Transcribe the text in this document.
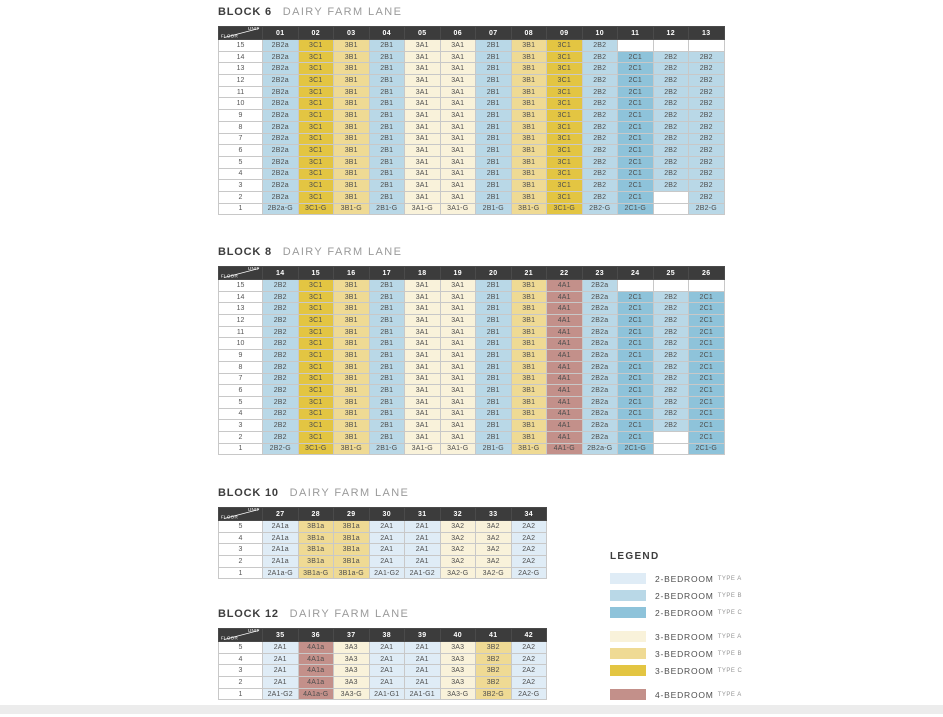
BLOCK 6 DAIRY FARM LANE
UNIT
FLOOR	01	02	03	04	05	06	07	08	09	10	11	12	13
15	2B2a	3C1	3B1	2B1	3A1	3A1	2B1	3B1	3C1	2B2			
14	2B2a	3C1	3B1	2B1	3A1	3A1	2B1	3B1	3C1	2B2	2C1	2B2	2B2
13	2B2a	3C1	3B1	2B1	3A1	3A1	2B1	3B1	3C1	2B2	2C1	2B2	2B2
12	2B2a	3C1	3B1	2B1	3A1	3A1	2B1	3B1	3C1	2B2	2C1	2B2	2B2
11	2B2a	3C1	3B1	2B1	3A1	3A1	2B1	3B1	3C1	2B2	2C1	2B2	2B2
10	2B2a	3C1	3B1	2B1	3A1	3A1	2B1	3B1	3C1	2B2	2C1	2B2	2B2
9	2B2a	3C1	3B1	2B1	3A1	3A1	2B1	3B1	3C1	2B2	2C1	2B2	2B2
8	2B2a	3C1	3B1	2B1	3A1	3A1	2B1	3B1	3C1	2B2	2C1	2B2	2B2
7	2B2a	3C1	3B1	2B1	3A1	3A1	2B1	3B1	3C1	2B2	2C1	2B2	2B2
6	2B2a	3C1	3B1	2B1	3A1	3A1	2B1	3B1	3C1	2B2	2C1	2B2	2B2
5	2B2a	3C1	3B1	2B1	3A1	3A1	2B1	3B1	3C1	2B2	2C1	2B2	2B2
4	2B2a	3C1	3B1	2B1	3A1	3A1	2B1	3B1	3C1	2B2	2C1	2B2	2B2
3	2B2a	3C1	3B1	2B1	3A1	3A1	2B1	3B1	3C1	2B2	2C1	2B2	2B2
2	2B2a	3C1	3B1	2B1	3A1	3A1	2B1	3B1	3C1	2B2	2C1		2B2
1	2B2a-G	3C1-G	3B1-G	2B1-G	3A1-G	3A1-G	2B1-G	3B1-G	3C1-G	2B2-G	2C1-G		2B2-G
BLOCK 8 DAIRY FARM LANE
UNIT
FLOOR	14	15	16	17	18	19	20	21	22	23	24	25	26
15	2B2	3C1	3B1	2B1	3A1	3A1	2B1	3B1	4A1	2B2a			
14	2B2	3C1	3B1	2B1	3A1	3A1	2B1	3B1	4A1	2B2a	2C1	2B2	2C1
13	2B2	3C1	3B1	2B1	3A1	3A1	2B1	3B1	4A1	2B2a	2C1	2B2	2C1
12	2B2	3C1	3B1	2B1	3A1	3A1	2B1	3B1	4A1	2B2a	2C1	2B2	2C1
11	2B2	3C1	3B1	2B1	3A1	3A1	2B1	3B1	4A1	2B2a	2C1	2B2	2C1
10	2B2	3C1	3B1	2B1	3A1	3A1	2B1	3B1	4A1	2B2a	2C1	2B2	2C1
9	2B2	3C1	3B1	2B1	3A1	3A1	2B1	3B1	4A1	2B2a	2C1	2B2	2C1
8	2B2	3C1	3B1	2B1	3A1	3A1	2B1	3B1	4A1	2B2a	2C1	2B2	2C1
7	2B2	3C1	3B1	2B1	3A1	3A1	2B1	3B1	4A1	2B2a	2C1	2B2	2C1
6	2B2	3C1	3B1	2B1	3A1	3A1	2B1	3B1	4A1	2B2a	2C1	2B2	2C1
5	2B2	3C1	3B1	2B1	3A1	3A1	2B1	3B1	4A1	2B2a	2C1	2B2	2C1
4	2B2	3C1	3B1	2B1	3A1	3A1	2B1	3B1	4A1	2B2a	2C1	2B2	2C1
3	2B2	3C1	3B1	2B1	3A1	3A1	2B1	3B1	4A1	2B2a	2C1	2B2	2C1
2	2B2	3C1	3B1	2B1	3A1	3A1	2B1	3B1	4A1	2B2a	2C1		2C1
1	2B2-G	3C1-G	3B1-G	2B1-G	3A1-G	3A1-G	2B1-G	3B1-G	4A1-G	2B2a-G	2C1-G		2C1-G
BLOCK 10 DAIRY FARM LANE
UNIT
FLOOR	27	28	29	30	31	32	33	34
5	2A1a	3B1a	3B1a	2A1	2A1	3A2	3A2	2A2
4	2A1a	3B1a	3B1a	2A1	2A1	3A2	3A2	2A2
3	2A1a	3B1a	3B1a	2A1	2A1	3A2	3A2	2A2
2	2A1a	3B1a	3B1a	2A1	2A1	3A2	3A2	2A2
1	2A1a-G	3B1a-G	3B1a-G	2A1-G2	2A1-G2	3A2-G	3A2-G	2A2-G
BLOCK 12 DAIRY FARM LANE
UNIT
FLOOR	35	36	37	38	39	40	41	42
5	2A1	4A1a	3A3	2A1	2A1	3A3	3B2	2A2
4	2A1	4A1a	3A3	2A1	2A1	3A3	3B2	2A2
3	2A1	4A1a	3A3	2A1	2A1	3A3	3B2	2A2
2	2A1	4A1a	3A3	2A1	2A1	3A3	3B2	2A2
1	2A1-G2	4A1a-G	3A3-G	2A1-G1	2A1-G1	3A3-G	3B2-G	2A2-G
LEGEND
2-BEDROOM TYPE A
2-BEDROOM TYPE B
2-BEDROOM TYPE C
3-BEDROOM TYPE A
3-BEDROOM TYPE B
3-BEDROOM TYPE C
4-BEDROOM TYPE A
